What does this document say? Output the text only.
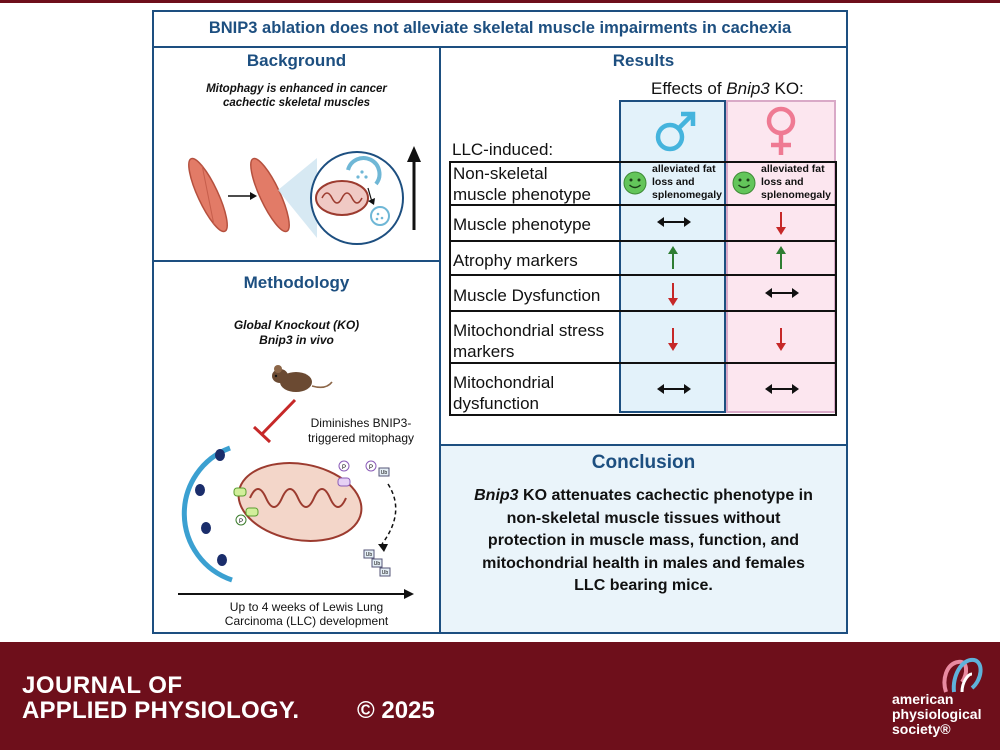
BNIP3 ablation does not alleviate skeletal muscle impairments in cachexia
Background
Mitophagy is enhanced in cancer
cachectic skeletal muscles
Methodology
Global Knockout (KO)
Bnip3 in vivo
Diminishes BNIP3-
triggered mitophagy
Up to 4 weeks of Lewis Lung
Carcinoma (LLC) development
P
P	P
Ub
Ub
Ub
Ub
Results
Effects of Bnip3 KO:
LLC-induced:
Non-skeletal
muscle phenotype
Muscle phenotype
Atrophy markers
Muscle Dysfunction
Mitochondrial stress
markers
Mitochondrial
dysfunction
alleviated fat
loss and
splenomegaly
alleviated fat
loss and
splenomegaly
Conclusion
Bnip3 KO attenuates cachectic phenotype in
non-skeletal muscle tissues without
protection in muscle mass, function, and
mitochondrial health in males and females
LLC bearing mice.
JOURNAL OF
APPLIED PHYSIOLOGY. © 2025	american
physiological
society®
